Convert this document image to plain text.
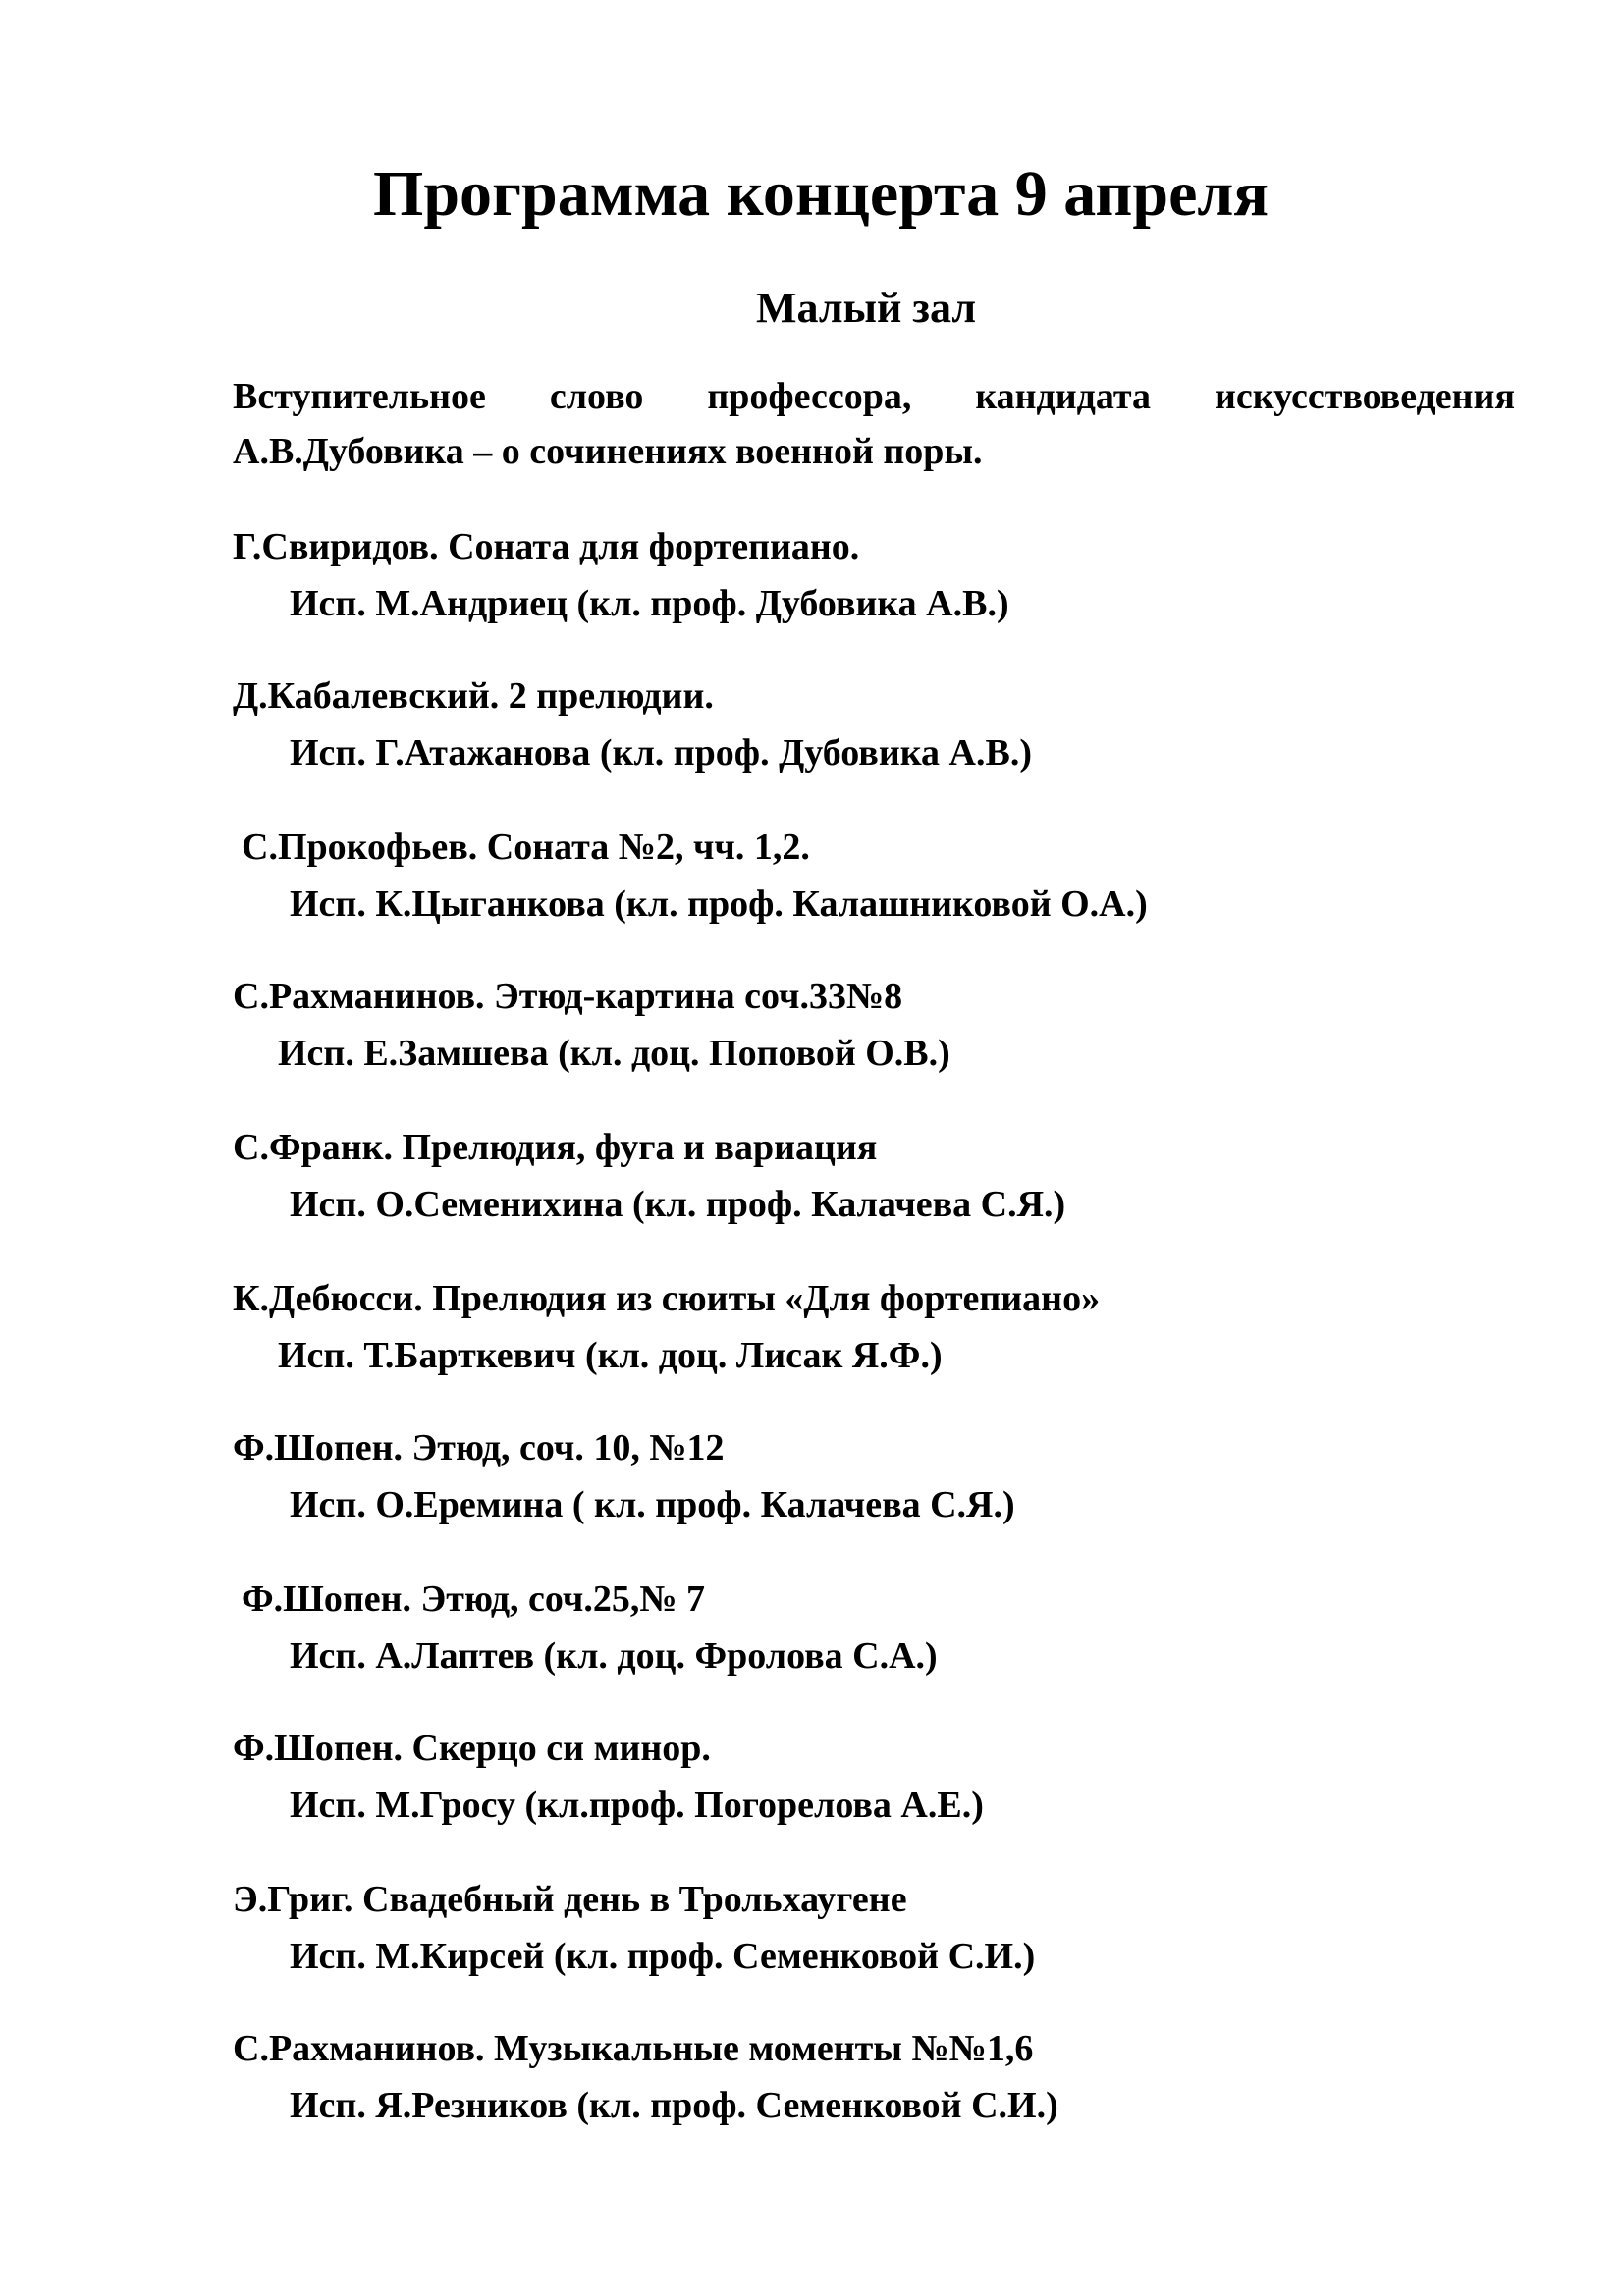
Программа концерта 9 апреля
Малый зал
Вступительное слово профессора, кандидата искусствоведения
А.В.Дубовика – о сочинениях военной поры.
Г.Свиридов. Соната для фортепиано.
Исп. М.Андриец (кл. проф. Дубовика А.В.)
Д.Кабалевский. 2 прелюдии.
Исп. Г.Атажанова (кл. проф. Дубовика А.В.)
С.Прокофьев. Соната №2, чч. 1,2.
Исп. К.Цыганкова (кл. проф. Калашниковой О.А.)
С.Рахманинов. Этюд-картина соч.33№8
Исп. Е.Замшева (кл. доц. Поповой О.В.)
С.Франк. Прелюдия, фуга и вариация
Исп. О.Семенихина (кл. проф. Калачева С.Я.)
К.Дебюсси. Прелюдия из сюиты «Для фортепиано»
Исп. Т.Барткевич (кл. доц. Лисак Я.Ф.)
Ф.Шопен. Этюд, соч. 10, №12
Исп. О.Еремина ( кл. проф. Калачева С.Я.)
Ф.Шопен. Этюд, соч.25,№ 7
Исп. А.Лаптев (кл. доц. Фролова С.А.)
Ф.Шопен. Скерцо си минор.
Исп. М.Гросу (кл.проф. Погорелова А.Е.)
Э.Григ. Свадебный день в Трольхаугене
Исп. М.Кирсей (кл. проф. Семенковой С.И.)
С.Рахманинов. Музыкальные моменты №№1,6
Исп. Я.Резников (кл. проф. Семенковой С.И.)
